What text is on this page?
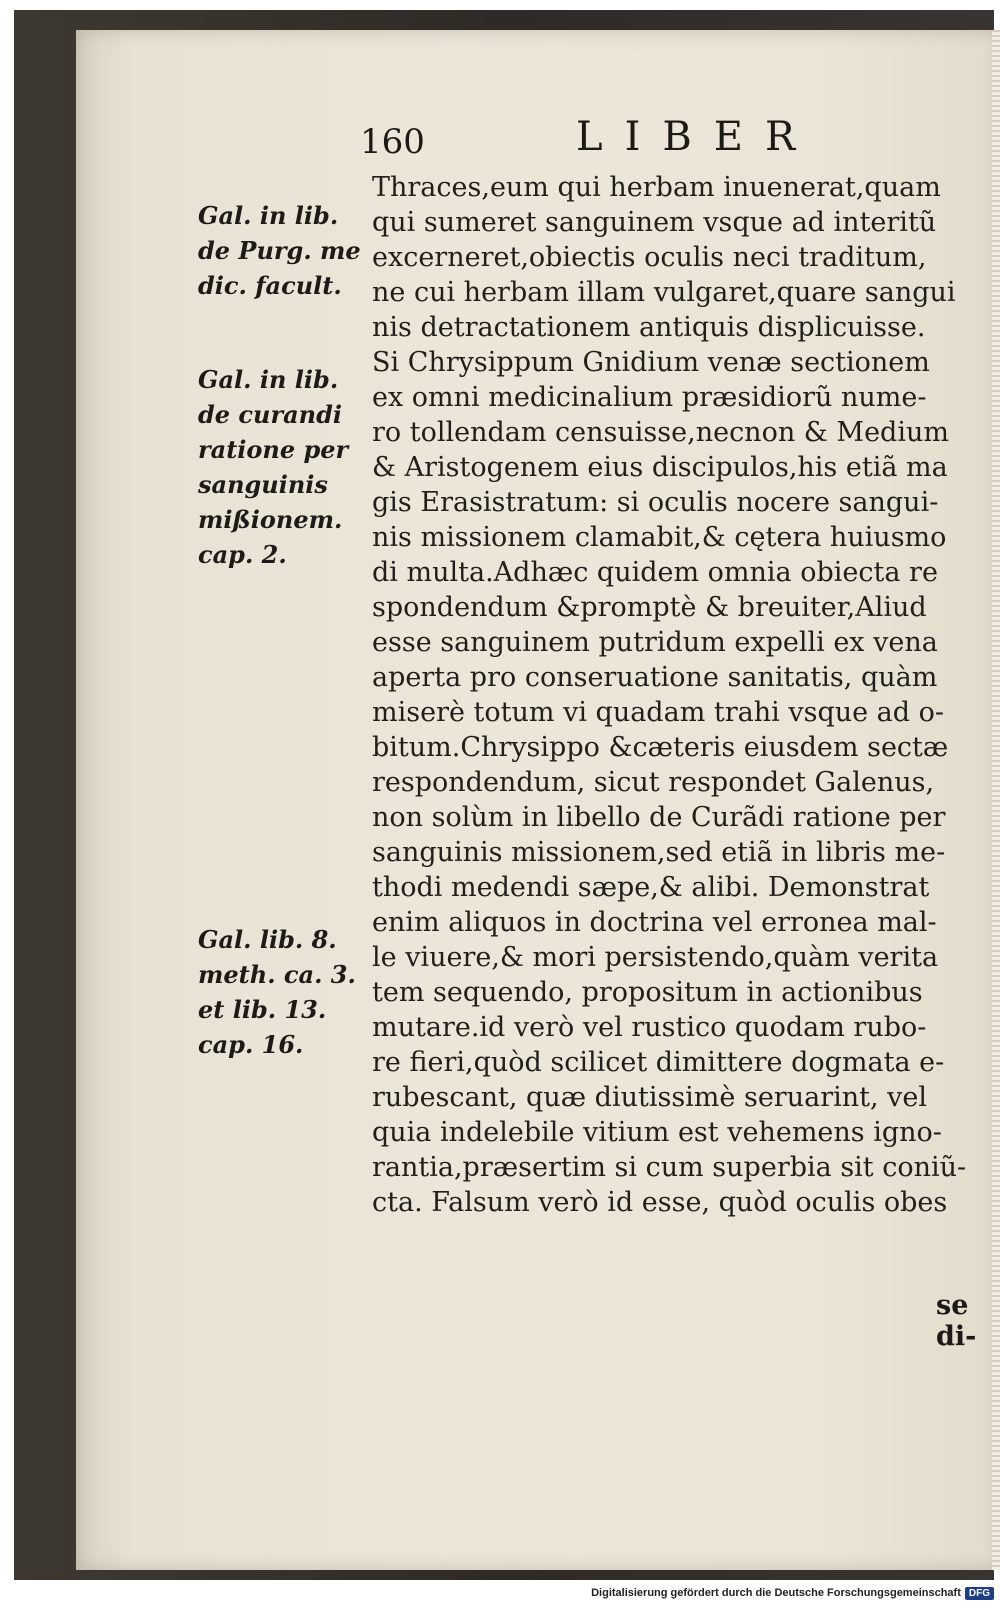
160	LIBER
Gal. in lib.
de Purg. me
dic. facult.
Gal. in lib.
de curandi
ratione per
sanguinis
mißionem.
cap. 2.
Gal. lib. 8.
meth. ca. 3.
et lib. 13.
cap. 16.
Thraces,eum qui herbam inuenerat,quam
qui sumeret sanguinem vsque ad interitũ
excerneret,obiectis oculis neci traditum,
ne cui herbam illam vulgaret,quare sangui
nis detractationem antiquis displicuisse.
Si Chrysippum Gnidium venæ sectionem
ex omni medicinalium præsidiorũ nume-
ro tollendam censuisse,necnon & Medium
& Aristogenem eius discipulos,his etiã ma
gis Erasistratum: si oculis nocere sangui-
nis missionem clamabit,& cętera huiusmo
di multa.Adhæc quidem omnia obiecta re
spondendum &promptè & breuiter,Aliud
esse sanguinem putridum expelli ex vena
aperta pro conseruatione sanitatis, quàm
miserè totum vi quadam trahi vsque ad o-
bitum.Chrysippo &cæteris eiusdem sectæ
respondendum, sicut respondet Galenus,
non solùm in libello de Curãdi ratione per
sanguinis missionem,sed etiã in libris me-
thodi medendi sæpe,& alibi. Demonstrat
enim aliquos in doctrina vel erronea mal-
le viuere,& mori persistendo,quàm verita
tem sequendo, propositum in actionibus
mutare.id verò vel rustico quodam rubo-
re fieri,quòd scilicet dimittere dogmata e-
rubescant, quæ diutissimè seruarint, vel
quia indelebile vitium est vehemens igno-
rantia,præsertim si cum superbia sit coniũ-
cta. Falsum verò id esse, quòd oculis obes
se di-
Digitalisierung gefördert durch die Deutsche Forschungsgemeinschaft DFG
